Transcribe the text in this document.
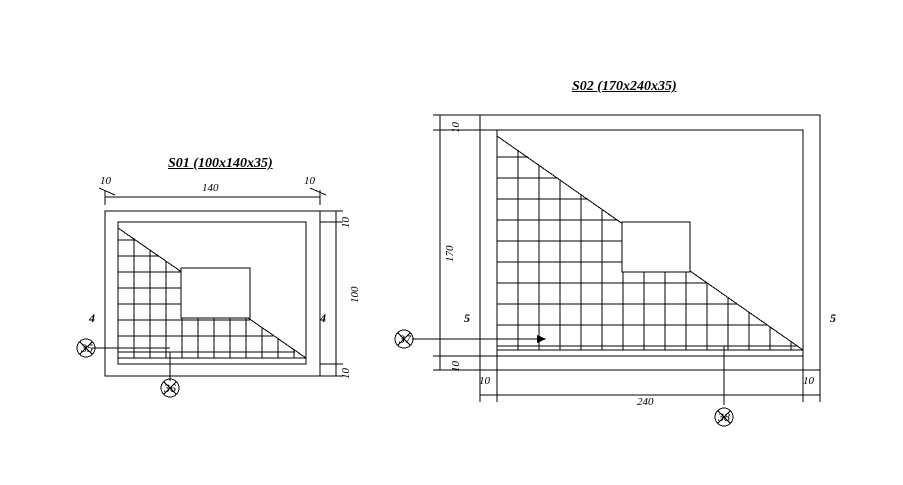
S01 (100x140x35)
140
10	10
100
10
10
4	4
35
36
S02 (170x240x35)
240
10	10
170
10
10
5	5
37
38
